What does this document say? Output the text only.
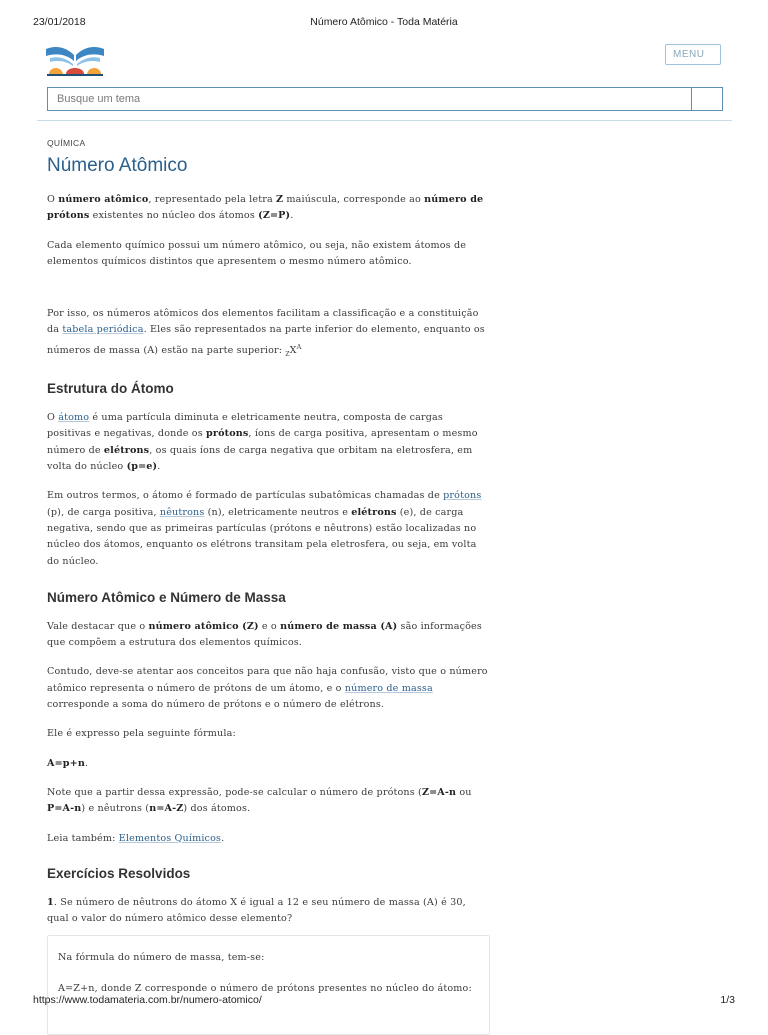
23/01/2018	Número Atômico - Toda Matéria
MENU
Busque um tema
QUÍMICA
Número Atômico

O número atômico, representado pela letra Z maiúscula, corresponde ao número de prótons existentes no núcleo dos átomos (Z=P).

Cada elemento químico possui um número atômico, ou seja, não existem átomos de elementos químicos distintos que apresentem o mesmo número atômico.

Por isso, os números atômicos dos elementos facilitam a classificação e a constituição da tabela periódica. Eles são representados na parte inferior do elemento, enquanto os números de massa (A) estão na parte superior: $_ZX^A$

Estrutura do Átomo

O átomo é uma partícula diminuta e eletricamente neutra, composta de cargas positivas e negativas, donde os prótons, íons de carga positiva, apresentam o mesmo número de elétrons, os quais íons de carga negativa que orbitam na eletrosfera, em volta do núcleo (p=e).

Em outros termos, o átomo é formado de partículas subatômicas chamadas de prótons (p), de carga positiva, nêutrons (n), eletricamente neutros e elétrons (e), de carga negativa, sendo que as primeiras partículas (prótons e nêutrons) estão localizadas no núcleo dos átomos, enquanto os elétrons transitam pela eletrosfera, ou seja, em volta do núcleo.

Número Atômico e Número de Massa

Vale destacar que o número atômico (Z) e o número de massa (A) são informações que compõem a estrutura dos elementos químicos.

Contudo, deve-se atentar aos conceitos para que não haja confusão, visto que o número atômico representa o número de prótons de um átomo, e o número de massa corresponde a soma do número de prótons e o número de elétrons.

Ele é expresso pela seguinte fórmula:

A=p+n.

Note que a partir dessa expressão, pode-se calcular o número de prótons (Z=A-n ou P=A-n) e nêutrons (n=A-Z) dos átomos.

Leia também: Elementos Químicos.

Exercícios Resolvidos

1. Se número de nêutrons do átomo X é igual a 12 e seu número de massa (A) é 30, qual o valor do número atômico desse elemento?

Na fórmula do número de massa, tem-se:

A=Z+n, donde Z corresponde o número de prótons presentes no núcleo do átomo:

https://www.todamateria.com.br/numero-atomico/	1/3
